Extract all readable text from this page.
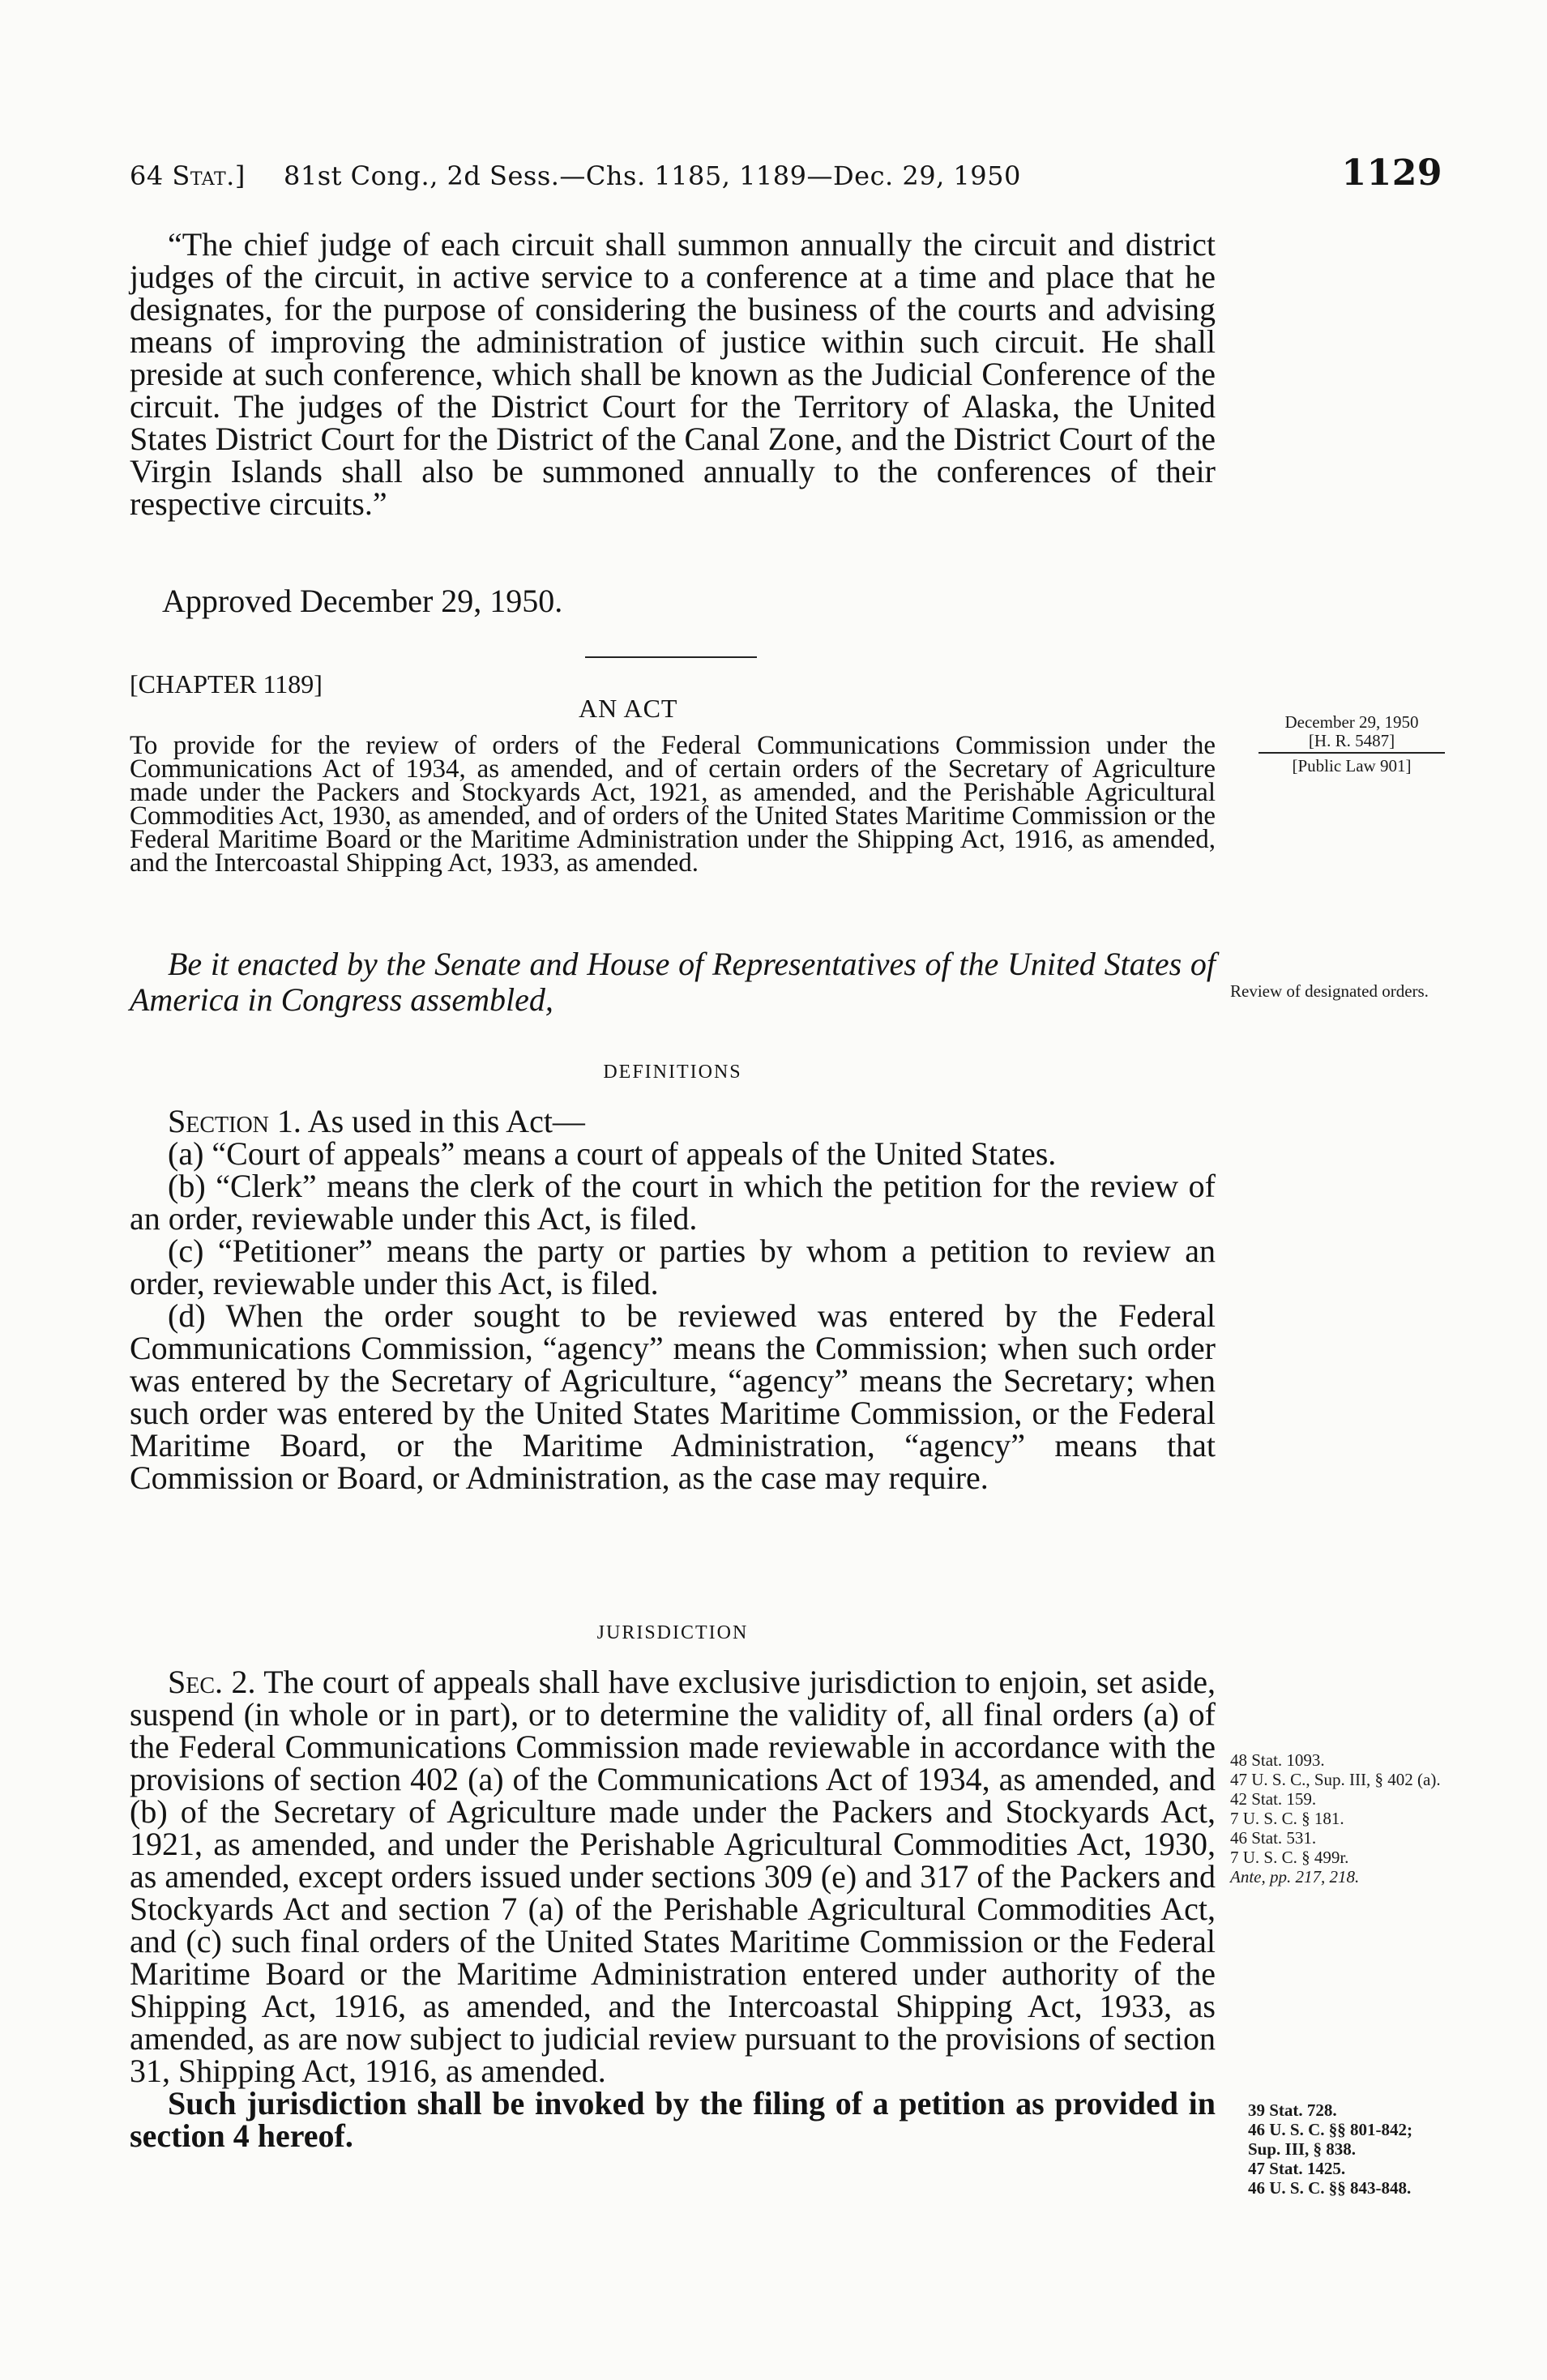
64 Stat.] 81st Cong., 2d Sess.—Chs. 1185, 1189—Dec. 29, 1950	1129

“The chief judge of each circuit shall summon annually the circuit and district judges of the circuit, in active service to a conference at a time and place that he designates, for the purpose of considering the business of the courts and advising means of improving the administration of justice within such circuit. He shall preside at such conference, which shall be known as the Judicial Conference of the circuit. The judges of the District Court for the Territory of Alaska, the United States District Court for the District of the Canal Zone, and the District Court of the Virgin Islands shall also be summoned annually to the conferences of their respective circuits.”

Approved December 29, 1950.
[CHAPTER 1189]
AN ACT
To provide for the review of orders of the Federal Communications Commission under the Communications Act of 1934, as amended, and of certain orders of the Secretary of Agriculture made under the Packers and Stockyards Act, 1921, as amended, and the Perishable Agricultural Commodities Act, 1930, as amended, and of orders of the United States Maritime Commission or the Federal Maritime Board or the Maritime Administration under the Shipping Act, 1916, as amended, and the Intercoastal Shipping Act, 1933, as amended.
December 29, 1950
[H. R. 5487]
[Public Law 901]
Be it enacted by the Senate and House of Representatives of the United States of America in Congress assembled,	Review of designated orders.
DEFINITIONS

Section 1. As used in this Act—

(a) “Court of appeals” means a court of appeals of the United States.

(b) “Clerk” means the clerk of the court in which the petition for the review of an order, reviewable under this Act, is filed.

(c) “Petitioner” means the party or parties by whom a petition to review an order, reviewable under this Act, is filed.

(d) When the order sought to be reviewed was entered by the Federal Communications Commission, “agency” means the Commission; when such order was entered by the Secretary of Agriculture, “agency” means the Secretary; when such order was entered by the United States Maritime Commission, or the Federal Maritime Board, or the Maritime Administration, “agency” means that Commission or Board, or Administration, as the case may require.

JURISDICTION

Sec. 2. The court of appeals shall have exclusive jurisdiction to enjoin, set aside, suspend (in whole or in part), or to determine the validity of, all final orders (a) of the Federal Communications Commission made reviewable in accordance with the provisions of section 402 (a) of the Communications Act of 1934, as amended, and (b) of the Secretary of Agriculture made under the Packers and Stockyards Act, 1921, as amended, and under the Perishable Agricultural Commodities Act, 1930, as amended, except orders issued under sections 309 (e) and 317 of the Packers and Stockyards Act and section 7 (a) of the Perishable Agricultural Commodities Act, and (c) such final orders of the United States Maritime Commission or the Federal Maritime Board or the Maritime Administration entered under authority of the Shipping Act, 1916, as amended, and the Intercoastal Shipping Act, 1933, as amended, as are now subject to judicial review pursuant to the provisions of section 31, Shipping Act, 1916, as amended.

Such jurisdiction shall be invoked by the filing of a petition as provided in section 4 hereof.

48 Stat. 1093.
47 U. S. C., Sup. III, § 402 (a).
42 Stat. 159.
7 U. S. C. § 181.
46 Stat. 531.
7 U. S. C. § 499r.
Ante, pp. 217, 218.
39 Stat. 728.
46 U. S. C. §§ 801-842; Sup. III, § 838.
47 Stat. 1425.
46 U. S. C. §§ 843-848.
